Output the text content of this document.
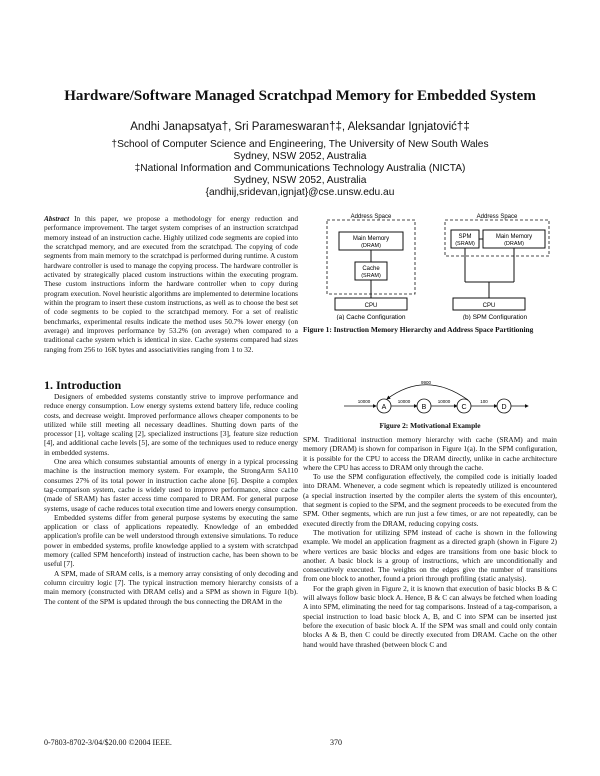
Hardware/Software Managed Scratchpad Memory for Embedded System
Andhi Janapsatya†, Sri Parameswaran†‡, Aleksandar Ignjatović†‡
†School of Computer Science and Engineering, The University of New South Wales
Sydney, NSW 2052, Australia
‡National Information and Communications Technology Australia (NICTA)
Sydney, NSW 2052, Australia
{andhij,sridevan,ignjat}@cse.unsw.edu.au
Abstract In this paper, we propose a methodology for energy reduction and performance improvement. The target system comprises of an instruction scratchpad memory instead of an instruction cache. Highly utilized code segments are copied into the scratchpad memory, and are executed from the scratchpad. The copying of code segments from main memory to the scratchpad is performed during runtime. A custom hardware controller is used to manage the copying process. The hardware controller is activated by strategically placed custom instructions within the executing program. These custom instructions inform the hardware controller when to copy during program execution. Novel heuristic algorithms are implemented to determine locations within the program to insert these custom instructions, as well as to choose the best set of code segments to be copied to the scratchpad memory. For a set of realistic benchmarks, experimental results indicate the method uses 50.7% lower energy (on average) and improves performance by 53.2% (on average) when compared to a traditional cache system which is identical in size. Cache systems compared had sizes ranging from 256 to 16K bytes and associativities ranging from 1 to 32.
1. Introduction

Designers of embedded systems constantly strive to improve performance and reduce energy consumption. Low energy systems extend battery life, reduce cooling costs, and decrease weight. Improved performance allows cheaper components to be utilized while still meeting all necessary deadlines. Shutting down parts of the processor [1], voltage scaling [2], specialized instructions [3], feature size reduction [4], and additional cache levels [5], are some of the techniques used to reduce energy in embedded systems.

One area which consumes substantial amounts of energy in a typical processing machine is the instruction memory system. For example, the StrongArm SA110 consumes 27% of its total power in instruction cache alone [6]. Despite a complex tag-comparison system, cache is widely used to improve performance, since cache (made of SRAM) has faster access time compared to DRAM. For general purpose systems, usage of cache reduces total execution time and lowers energy consumption.

Embedded systems differ from general purpose systems by executing the same application or class of applications repeatedly. Knowledge of an embedded application's profile can be well understood through extensive simulations. To reduce power in embedded systems, profile knowledge applied to a system with scratchpad memory (called SPM henceforth) instead of instruction cache, has been shown to be useful [7].

A SPM, made of SRAM cells, is a memory array consisting of only decoding and column circuitry logic [7]. The typical instruction memory hierarchy consists of a main memory (constructed with DRAM cells) and a SPM as shown in Figure 1(b). The content of the SPM is updated through the bus connecting the DRAM in the

Address Space
Main Memory
(DRAM)
Cache
(SRAM)
CPU
(a) Cache Configuration
Address Space
SPM
(SRAM)
Main Memory
(DRAM)
CPU
(b) SPM Configuration
Figure 1: Instruction Memory Hierarchy and Address Space Partitioning
A
10000
B
10000
C
9900
100
D
10000
Figure 2: Motivational Example

SPM. Traditional instruction memory hierarchy with cache (SRAM) and main memory (DRAM) is shown for comparison in Figure 1(a). In the SPM configuration, it is possible for the CPU to access the DRAM directly, unlike in cache architecture where the CPU has access to DRAM only through the cache.

To use the SPM configuration effectively, the compiled code is initially loaded into DRAM. Whenever, a code segment which is repeatedly utilized is encountered (a special instruction inserted by the compiler alerts the system of this encounter), that segment is copied to the SPM, and the segment proceeds to be executed from the SPM. Other segments, which are run just a few times, or are not repeatedly, can be executed directly from the DRAM, reducing copying costs.

The motivation for utilizing SPM instead of cache is shown in the following example. We model an application fragment as a directed graph (shown in Figure 2) where vertices are basic blocks and edges are transitions from one basic block to another. A basic block is a group of instructions, which are unconditionally and consecutively executed. The weights on the edges give the number of transitions from one block to another, found a priori through profiling (static analysis).

For the graph given in Figure 2, it is known that execution of basic blocks B & C will always follow basic block A. Hence, B & C can always be fetched when loading A into SPM, eliminating the need for tag comparisons. Instead of a tag-comparison, a special instruction to load basic block A, B, and C into SPM can be inserted just before the execution of basic block A. If the SPM was small and could only contain blocks A & B, then C could be directly executed from DRAM. Cache on the other hand would have thrashed (between block C and

0-7803-8702-3/04/$20.00 ©2004 IEEE.	370
